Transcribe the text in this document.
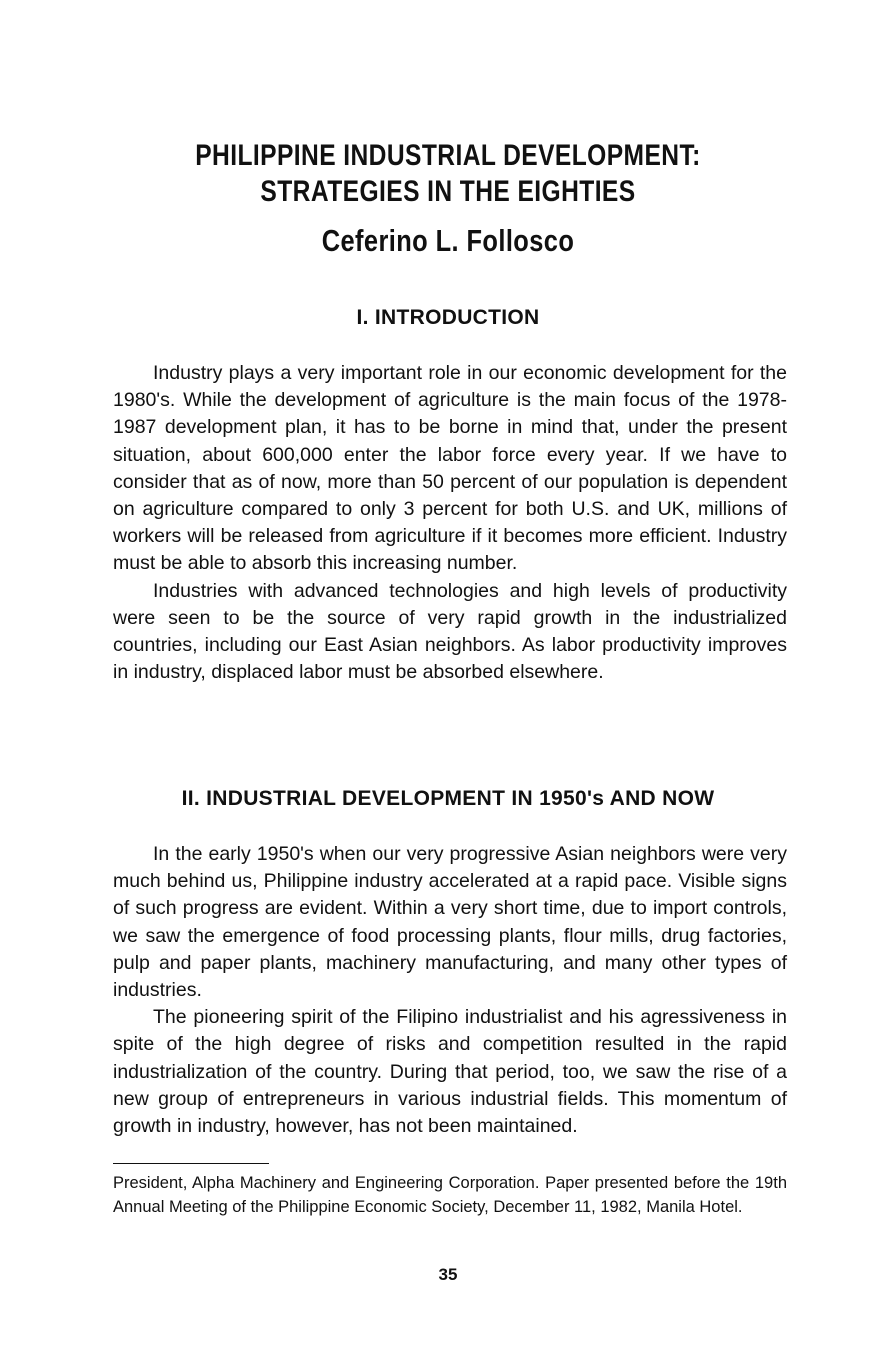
PHILIPPINE INDUSTRIAL DEVELOPMENT:
STRATEGIES IN THE EIGHTIES
Ceferino L. Follosco
I. INTRODUCTION

Industry plays a very important role in our economic development for the 1980's. While the development of agriculture is the main focus of the 1978-1987 development plan, it has to be borne in mind that, under the present situation, about 600,000 enter the labor force every year. If we have to consider that as of now, more than 50 percent of our population is dependent on agriculture compared to only 3 percent for both U.S. and UK, millions of workers will be released from agriculture if it becomes more efficient. Industry must be able to absorb this increasing number.

Industries with advanced technologies and high levels of productivity were seen to be the source of very rapid growth in the industrialized countries, including our East Asian neighbors. As labor productivity improves in industry, displaced labor must be absorbed elsewhere.

II. INDUSTRIAL DEVELOPMENT IN 1950's AND NOW

In the early 1950's when our very progressive Asian neighbors were very much behind us, Philippine industry accelerated at a rapid pace. Visible signs of such progress are evident. Within a very short time, due to import controls, we saw the emergence of food processing plants, flour mills, drug factories, pulp and paper plants, machinery manufacturing, and many other types of industries.

The pioneering spirit of the Filipino industrialist and his agressiveness in spite of the high degree of risks and competition resulted in the rapid industrialization of the country. During that period, too, we saw the rise of a new group of entrepreneurs in various industrial fields. This momentum of growth in industry, however, has not been maintained.

President, Alpha Machinery and Engineering Corporation. Paper presented before the 19th Annual Meeting of the Philippine Economic Society, December 11, 1982, Manila Hotel.

35
